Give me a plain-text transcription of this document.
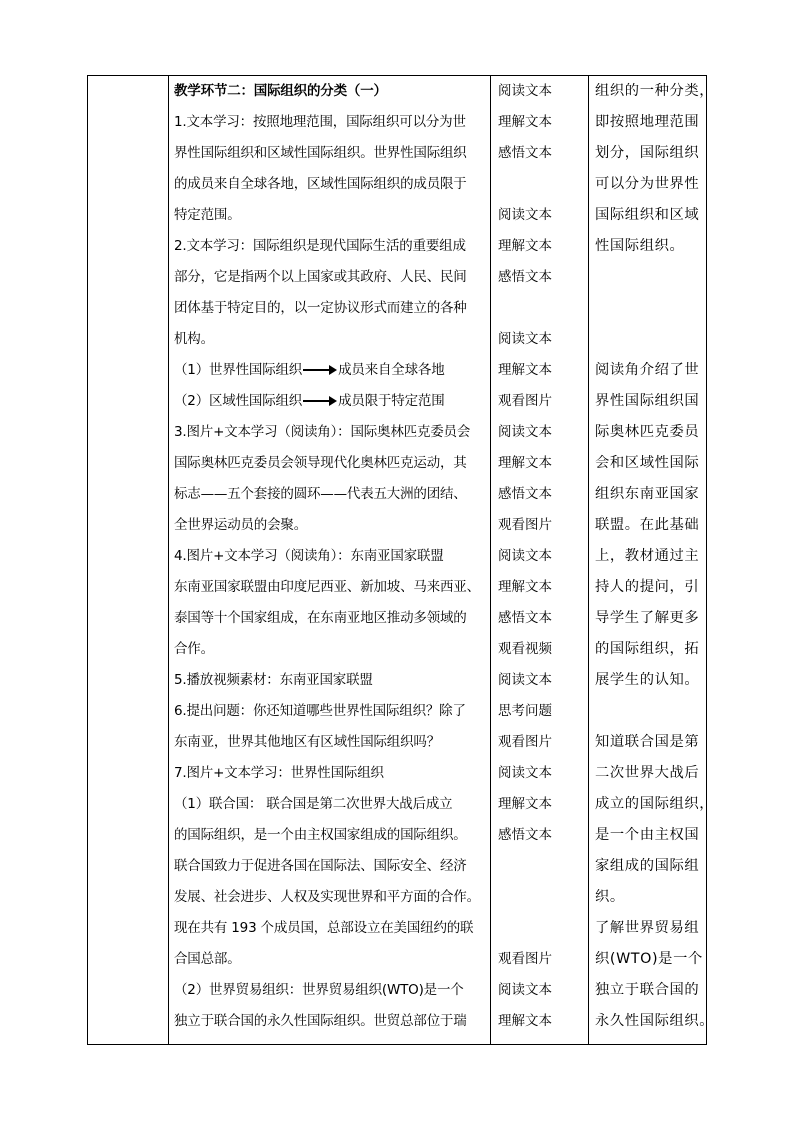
教学环节二：国际组织的分类（一）
1.文本学习：按照地理范围，国际组织可以分为世
界性国际组织和区域性国际组织。世界性国际组织
的成员来自全球各地，区域性国际组织的成员限于
特定范围。
2.文本学习：国际组织是现代国际生活的重要组成
部分，它是指两个以上国家或其政府、人民、民间
团体基于特定目的，以一定协议形式而建立的各种
机构。
（1）世界性国际组织	成员来自全球各地
（2）区域性国际组织	成员限于特定范围
3.图片+文本学习（阅读角）：国际奥林匹克委员会
国际奥林匹克委员会领导现代化奥林匹克运动，其
标志——五个套接的圆环——代表五大洲的团结、
全世界运动员的会聚。
4.图片+文本学习（阅读角）：东南亚国家联盟
东南亚国家联盟由印度尼西亚、新加坡、马来西亚、
泰国等十个国家组成，在东南亚地区推动多领域的
合作。
5.播放视频素材：东南亚国家联盟
6.提出问题：你还知道哪些世界性国际组织？除了
东南亚，世界其他地区有区域性国际组织吗？
7.图片+文本学习：世界性国际组织
（1）联合国： 联合国是第二次世界大战后成立
的国际组织，是一个由主权国家组成的国际组织。
联合国致力于促进各国在国际法、国际安全、经济
发展、社会进步、人权及实现世界和平方面的合作。
现在共有 193 个成员国，总部设立在美国纽约的联
合国总部。
（2）世界贸易组织：世界贸易组织(WTO)是一个
独立于联合国的永久性国际组织。世贸总部位于瑞
阅读文本
理解文本
感悟文本
阅读文本
理解文本
感悟文本
阅读文本
理解文本
观看图片
阅读文本
理解文本
感悟文本
观看图片
阅读文本
理解文本
感悟文本
观看视频
阅读文本
思考问题
观看图片
阅读文本
理解文本
感悟文本
观看图片
阅读文本
理解文本
组织的一种分类，
即按照地理范围
划分，国际组织
可以分为世界性
国际组织和区域
性国际组织。
阅读角介绍了世
界性国际组织国
际奥林匹克委员
会和区域性国际
组织东南亚国家
联盟。在此基础
上，教材通过主
持人的提问，引
导学生了解更多
的国际组织，拓
展学生的认知。
知道联合国是第
二次世界大战后
成立的国际组织，
是一个由主权国
家组成的国际组
织。
了解世界贸易组
织(WTO)是一个
独立于联合国的
永久性国际组织。
